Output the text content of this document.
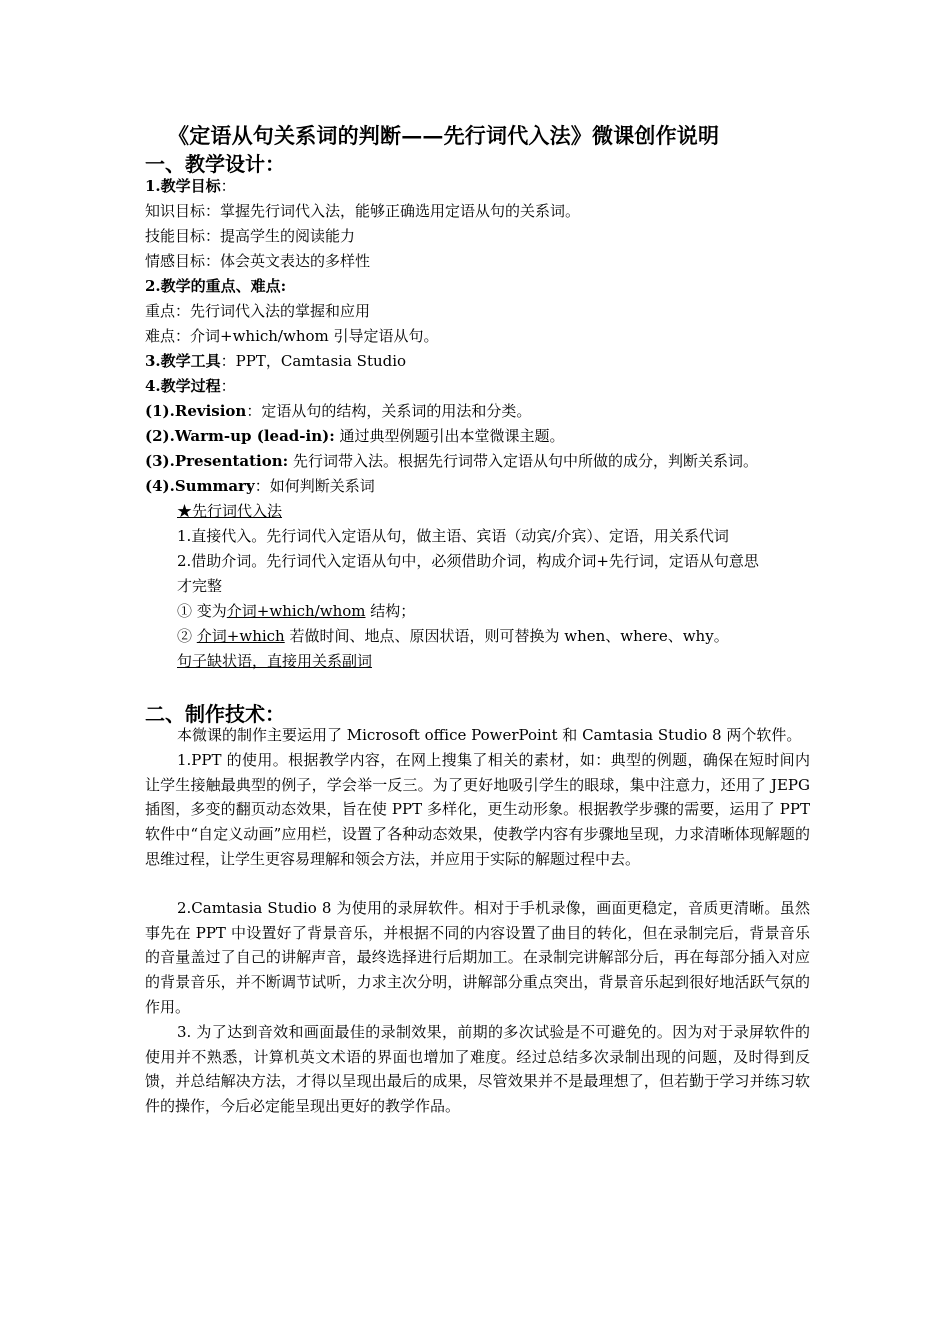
《定语从句关系词的判断——先行词代入法》微课创作说明
一、教学设计：
1.教学目标：
知识目标：掌握先行词代入法，能够正确选用定语从句的关系词。
技能目标：提高学生的阅读能力
情感目标：体会英文表达的多样性
2.教学的重点、难点:
重点：先行词代入法的掌握和应用
难点：介词+which/whom 引导定语从句。
3.教学工具：PPT，Camtasia Studio
4.教学过程：
(1).Revision：定语从句的结构，关系词的用法和分类。
(2).Warm-up (lead-in): 通过典型例题引出本堂微课主题。
(3).Presentation: 先行词带入法。根据先行词带入定语从句中所做的成分，判断关系词。
(4).Summary：如何判断关系词
★先行词代入法
1.直接代入。先行词代入定语从句，做主语、宾语（动宾/介宾）、定语，用关系代词
2.借助介词。先行词代入定语从句中，必须借助介词，构成介词+先行词，定语从句意思
才完整
① 变为介词+which/whom 结构；
② 介词+which 若做时间、地点、原因状语，则可替换为 when、where、why。
句子缺状语，直接用关系副词
二、制作技术：
本微课的制作主要运用了 Microsoft office PowerPoint 和 Camtasia Studio 8 两个软件。
1.PPT 的使用。根据教学内容，在网上搜集了相关的素材，如：典型的例题，确保在短时间内让学生接触最典型的例子，学会举一反三。为了更好地吸引学生的眼球，集中注意力，还用了 JEPG 插图，多变的翻页动态效果，旨在使 PPT 多样化，更生动形象。根据教学步骤的需要，运用了 PPT 软件中“自定义动画”应用栏，设置了各种动态效果，使教学内容有步骤地呈现，力求清晰体现解题的思维过程，让学生更容易理解和领会方法，并应用于实际的解题过程中去。
2.Camtasia Studio 8 为使用的录屏软件。相对于手机录像，画面更稳定，音质更清晰。虽然事先在 PPT 中设置好了背景音乐，并根据不同的内容设置了曲目的转化，但在录制完后，背景音乐的音量盖过了自己的讲解声音，最终选择进行后期加工。在录制完讲解部分后，再在每部分插入对应的背景音乐，并不断调节试听，力求主次分明，讲解部分重点突出，背景音乐起到很好地活跃气氛的作用。
3. 为了达到音效和画面最佳的录制效果，前期的多次试验是不可避免的。因为对于录屏软件的使用并不熟悉，计算机英文术语的界面也增加了难度。经过总结多次录制出现的问题，及时得到反馈，并总结解决方法，才得以呈现出最后的成果，尽管效果并不是最理想了，但若勤于学习并练习软件的操作，今后必定能呈现出更好的教学作品。
